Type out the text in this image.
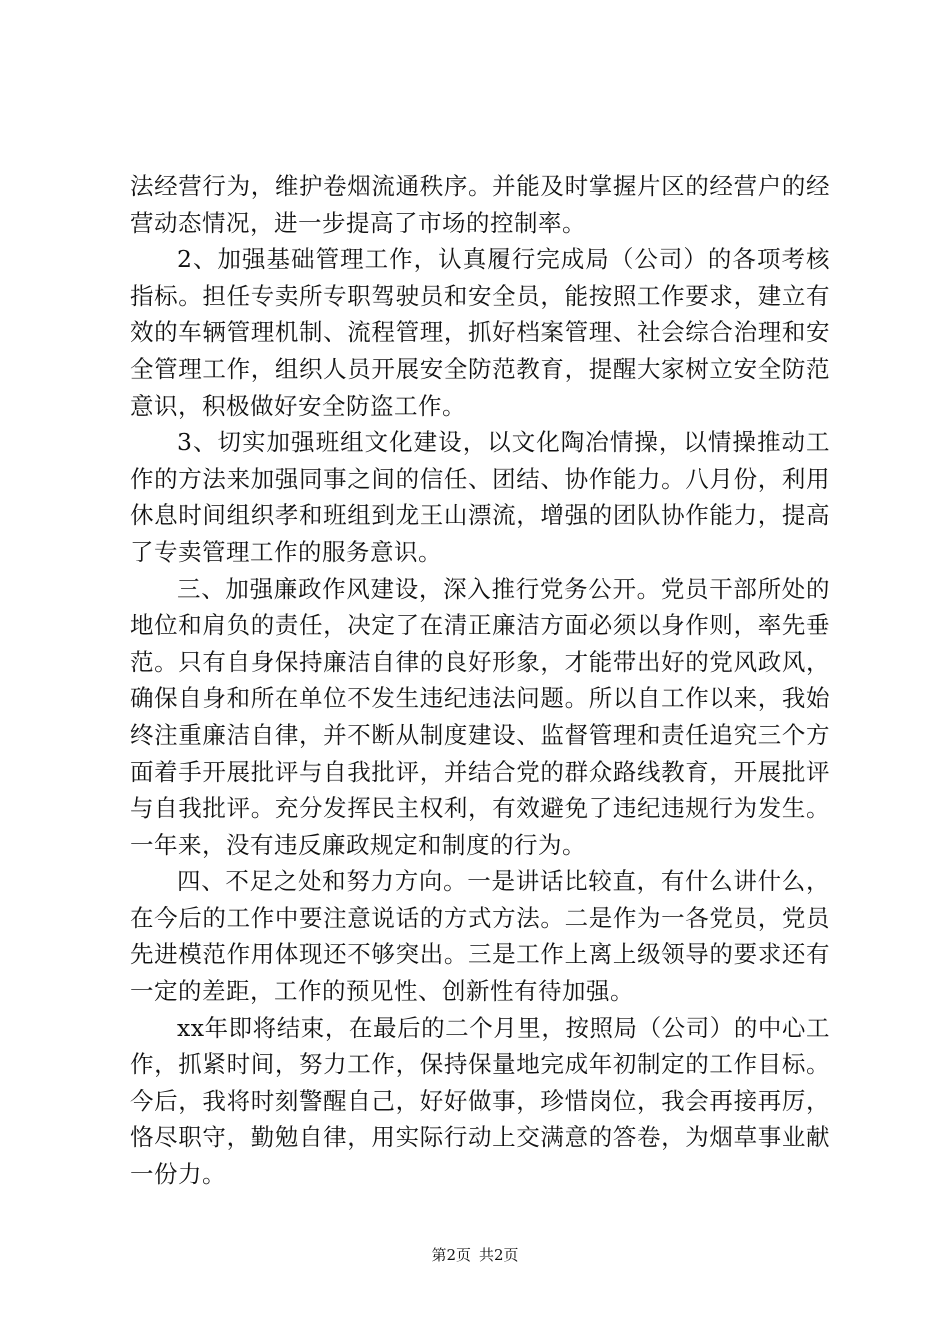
法经营行为，维护卷烟流通秩序。并能及时掌握片区的经营户的经营动态情况，进一步提高了市场的控制率。

2、加强基础管理工作，认真履行完成局（公司）的各项考核指标。担任专卖所专职驾驶员和安全员，能按照工作要求，建立有效的车辆管理机制、流程管理，抓好档案管理、社会综合治理和安全管理工作，组织人员开展安全防范教育，提醒大家树立安全防范意识，积极做好安全防盗工作。

3、切实加强班组文化建设，以文化陶冶情操，以情操推动工作的方法来加强同事之间的信任、团结、协作能力。八月份，利用休息时间组织孝和班组到龙王山漂流，增强的团队协作能力，提高了专卖管理工作的服务意识。

三、加强廉政作风建设，深入推行党务公开。党员干部所处的地位和肩负的责任，决定了在清正廉洁方面必须以身作则，率先垂范。只有自身保持廉洁自律的良好形象，才能带出好的党风政风，确保自身和所在单位不发生违纪违法问题。所以自工作以来，我始终注重廉洁自律，并不断从制度建设、监督管理和责任追究三个方面着手开展批评与自我批评，并结合党的群众路线教育，开展批评与自我批评。充分发挥民主权利，有效避免了违纪违规行为发生。一年来，没有违反廉政规定和制度的行为。

四、不足之处和努力方向。一是讲话比较直，有什么讲什么，在今后的工作中要注意说话的方式方法。二是作为一各党员，党员先进模范作用体现还不够突出。三是工作上离上级领导的要求还有一定的差距，工作的预见性、创新性有待加强。

xx年即将结束，在最后的二个月里，按照局（公司）的中心工作，抓紧时间，努力工作，保持保量地完成年初制定的工作目标。今后，我将时刻警醒自己，好好做事，珍惜岗位，我会再接再厉，恪尽职守，勤勉自律，用实际行动上交满意的答卷，为烟草事业献一份力。

第2页 共2页
